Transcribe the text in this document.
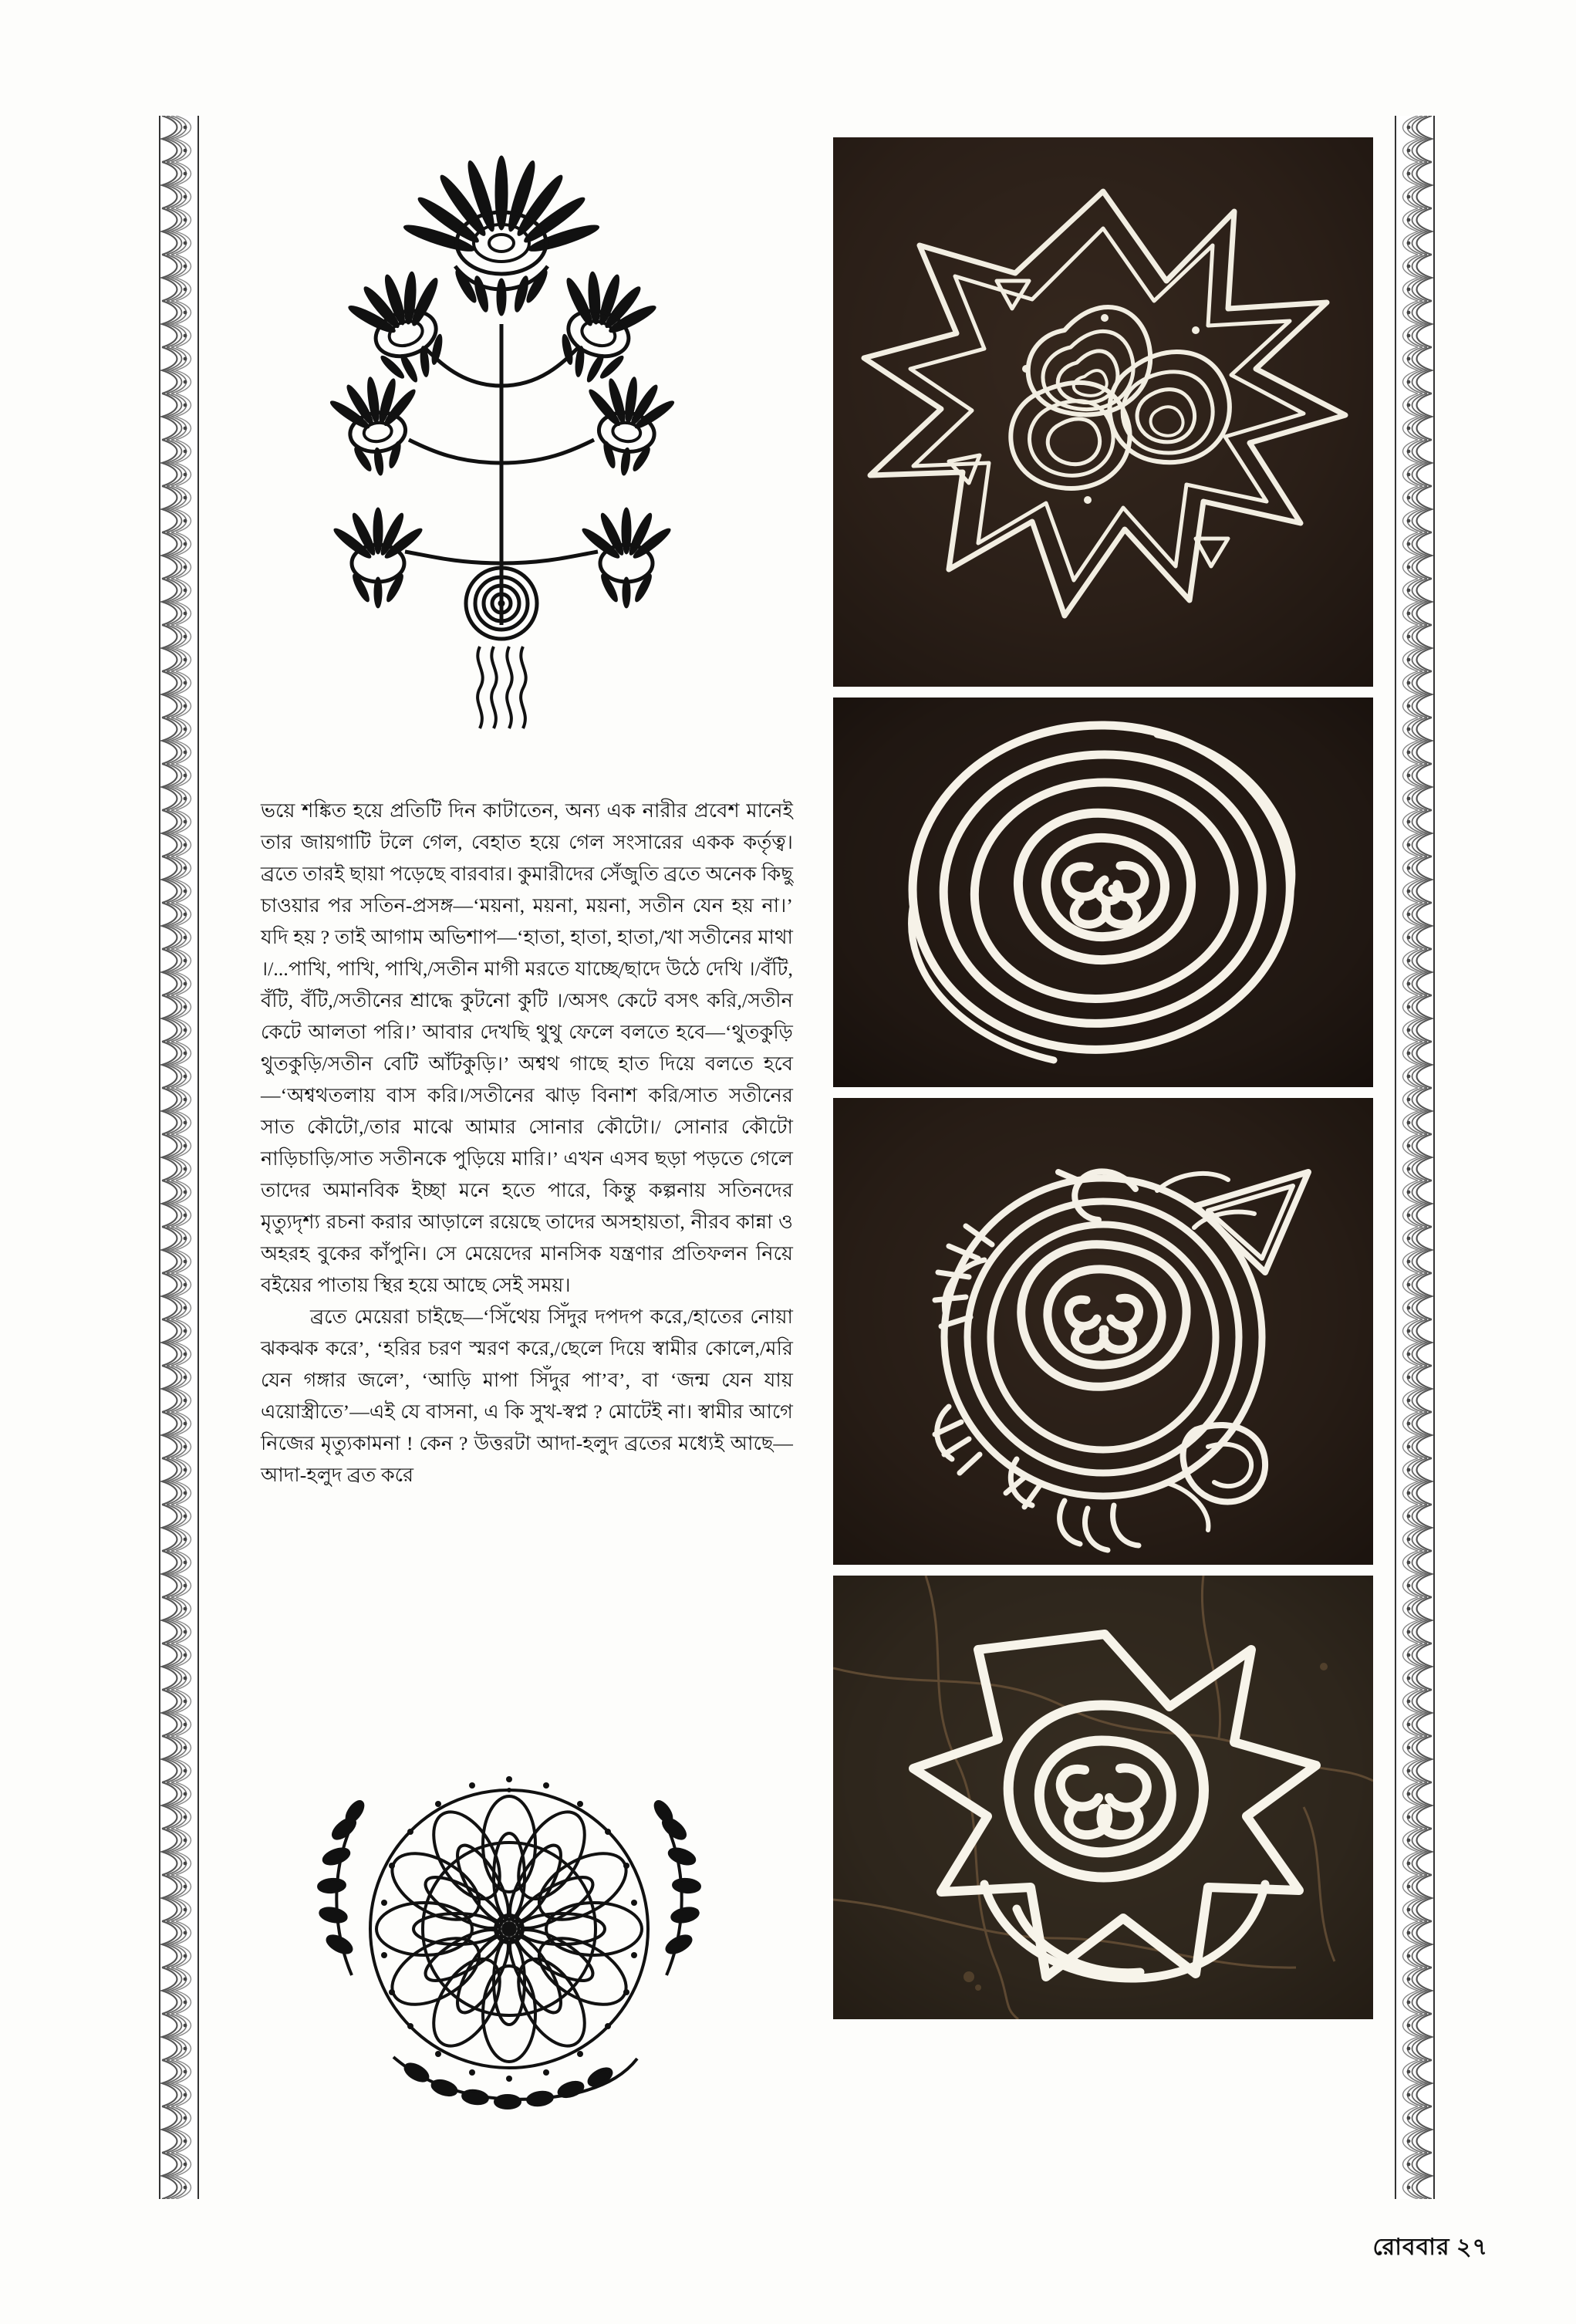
ভয়ে শঙ্কিত হয়ে প্রতিটি দিন কাটাতেন, অন্য এক নারীর প্রবেশ মানেই তার জায়গাটি টলে গেল, বেহাত হয়ে গেল সংসারের একক কর্তৃত্ব। ব্রতে তারই ছায়া পড়েছে বারবার। কুমারীদের সেঁজুতি ব্রতে অনেক কিছু চাওয়ার পর সতিন-প্রসঙ্গ—‘ময়না, ময়না, ময়না, সতীন যেন হয় না।’ যদি হয় ? তাই আগাম অভিশাপ—‘হাতা, হাতা, হাতা,/খা সতীনের মাথা ।/...পাখি, পাখি, পাখি,/সতীন মাগী মরতে যাচ্ছে/ছাদে উঠে দেখি ।/বঁটি, বঁটি, বঁটি,/সতীনের শ্রাদ্ধে কুটনো কুটি ।/অসৎ কেটে বসৎ করি,/সতীন কেটে আলতা পরি।’ আবার দেখছি থুথু ফেলে বলতে হবে—‘থুতকুড়ি থুতকুড়ি/সতীন বেটি আঁটকুড়ি।’ অশ্বথ গাছে হাত দিয়ে বলতে হবে—‘অশ্বথতলায় বাস করি।/সতীনের ঝাড় বিনাশ করি/সাত সতীনের সাত কৌটো,/তার মাঝে আমার সোনার কৌটো।/ সোনার কৌটো নাড়িচাড়ি/সাত সতীনকে পুড়িয়ে মারি।’ এখন এসব ছড়া পড়তে গেলে তাদের অমানবিক ইচ্ছা মনে হতে পারে, কিন্তু কল্পনায় সতিনদের মৃত্যুদৃশ্য রচনা করার আড়ালে রয়েছে তাদের অসহায়তা, নীরব কান্না ও অহরহ বুকের কাঁপুনি। সে মেয়েদের মানসিক যন্ত্রণার প্রতিফলন নিয়ে বইয়ের পাতায় স্থির হয়ে আছে সেই সময়।

ব্রতে মেয়েরা চাইছে—‘সিঁথেয় সিঁদুর দপদপ করে,/হাতের নোয়া ঝকঝক করে’, ‘হরির চরণ স্মরণ করে,/ছেলে দিয়ে স্বামীর কোলে,/মরি যেন গঙ্গার জলে’, ‘আড়ি মাপা সিঁদুর পা’ব’, বা ‘জন্ম যেন যায় এয়োস্ত্রীতে’—এই যে বাসনা, এ কি সুখ-স্বপ্ন ? মোটেই না। স্বামীর আগে নিজের মৃত্যুকামনা ! কেন ? উত্তরটা আদা-হলুদ ব্রতের মধ্যেই আছে—আদা-হলুদ ব্রত করে

রোববার ২৭
